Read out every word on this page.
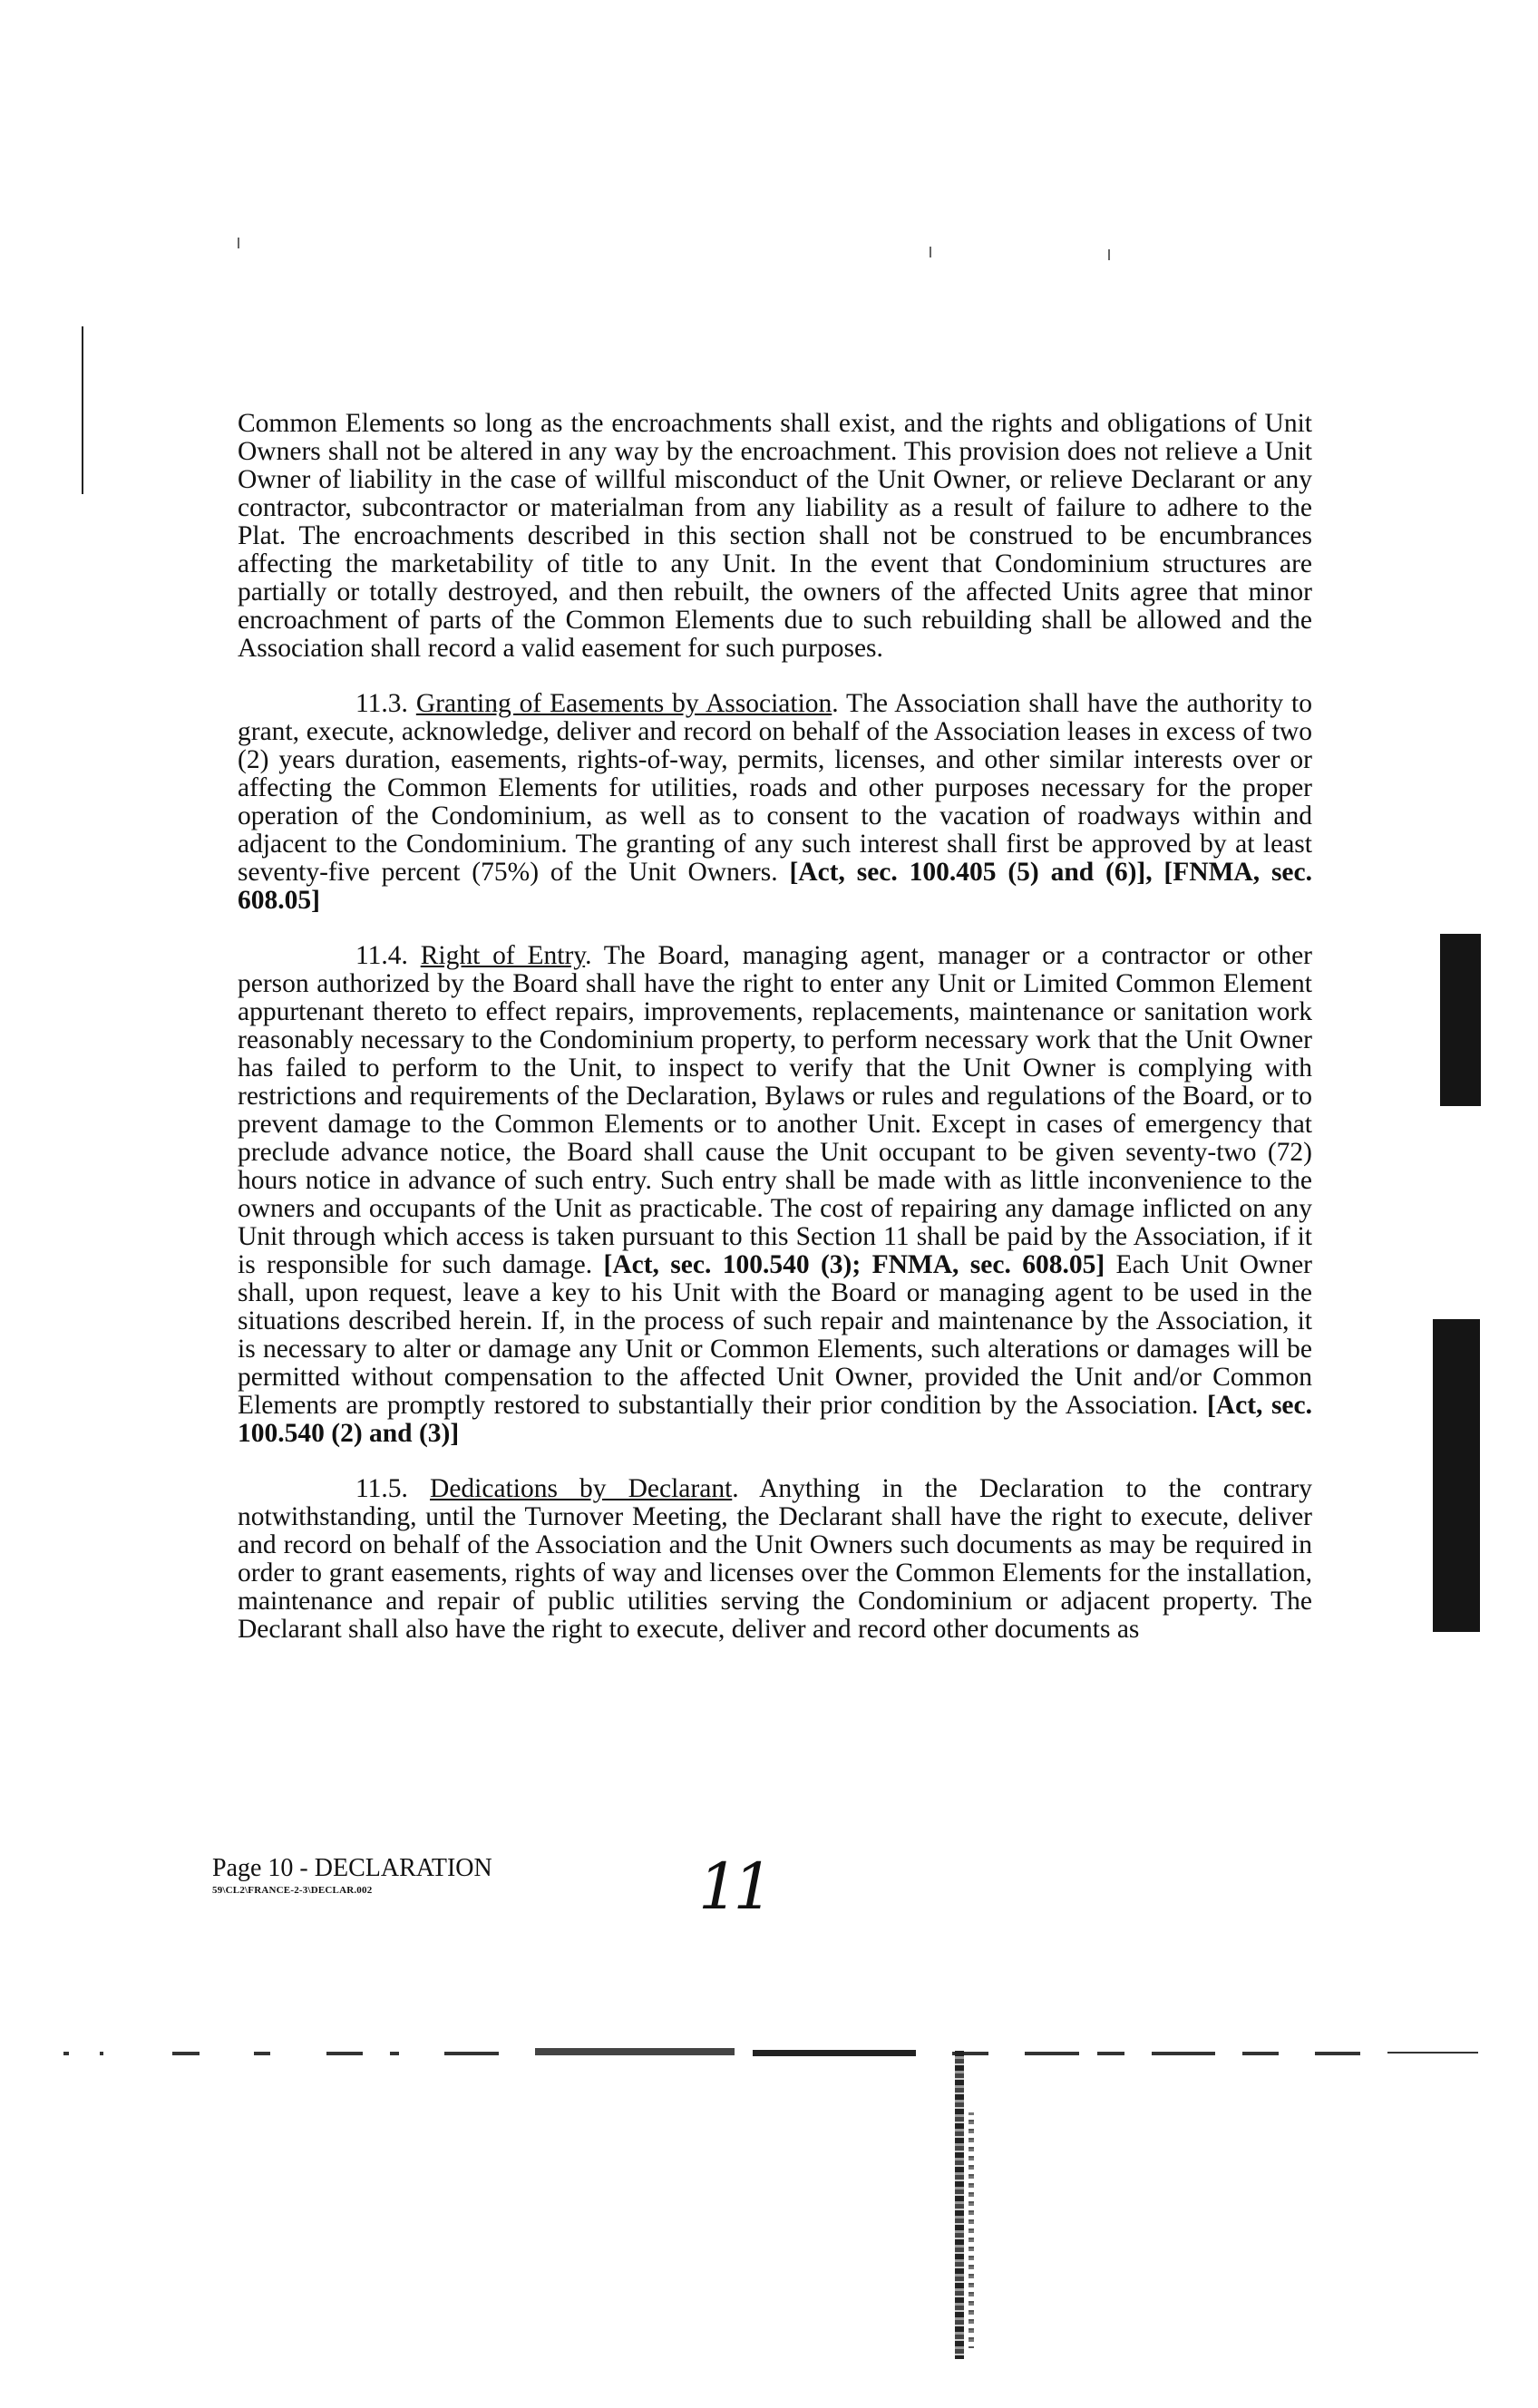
Common Elements so long as the encroachments shall exist, and the rights and obligations of Unit Owners shall not be altered in any way by the encroachment. This provision does not relieve a Unit Owner of liability in the case of willful misconduct of the Unit Owner, or relieve Declarant or any contractor, subcontractor or materialman from any liability as a result of failure to adhere to the Plat. The encroachments described in this section shall not be construed to be encumbrances affecting the marketability of title to any Unit. In the event that Condominium structures are partially or totally destroyed, and then rebuilt, the owners of the affected Units agree that minor encroachment of parts of the Common Elements due to such rebuilding shall be allowed and the Association shall record a valid easement for such purposes.

11.3. Granting of Easements by Association. The Association shall have the authority to grant, execute, acknowledge, deliver and record on behalf of the Association leases in excess of two (2) years duration, easements, rights-of-way, permits, licenses, and other similar interests over or affecting the Common Elements for utilities, roads and other purposes necessary for the proper operation of the Condominium, as well as to consent to the vacation of roadways within and adjacent to the Condominium. The granting of any such interest shall first be approved by at least seventy-five percent (75%) of the Unit Owners. [Act, sec. 100.405 (5) and (6)], [FNMA, sec. 608.05]

11.4. Right of Entry. The Board, managing agent, manager or a contractor or other person authorized by the Board shall have the right to enter any Unit or Limited Common Element appurtenant thereto to effect repairs, improvements, replacements, maintenance or sanitation work reasonably necessary to the Condominium property, to perform necessary work that the Unit Owner has failed to perform to the Unit, to inspect to verify that the Unit Owner is complying with restrictions and requirements of the Declaration, Bylaws or rules and regulations of the Board, or to prevent damage to the Common Elements or to another Unit. Except in cases of emergency that preclude advance notice, the Board shall cause the Unit occupant to be given seventy-two (72) hours notice in advance of such entry. Such entry shall be made with as little inconvenience to the owners and occupants of the Unit as practicable. The cost of repairing any damage inflicted on any Unit through which access is taken pursuant to this Section 11 shall be paid by the Association, if it is responsible for such damage. [Act, sec. 100.540 (3); FNMA, sec. 608.05] Each Unit Owner shall, upon request, leave a key to his Unit with the Board or managing agent to be used in the situations described herein. If, in the process of such repair and maintenance by the Association, it is necessary to alter or damage any Unit or Common Elements, such alterations or damages will be permitted without compensation to the affected Unit Owner, provided the Unit and/or Common Elements are promptly restored to substantially their prior condition by the Association. [Act, sec. 100.540 (2) and (3)]

11.5. Dedications by Declarant. Anything in the Declaration to the contrary notwithstanding, until the Turnover Meeting, the Declarant shall have the right to execute, deliver and record on behalf of the Association and the Unit Owners such documents as may be required in order to grant easements, rights of way and licenses over the Common Elements for the installation, maintenance and repair of public utilities serving the Condominium or adjacent property. The Declarant shall also have the right to execute, deliver and record other documents as

Page 10 - DECLARATION
59\CL2\FRANCE-2-3\DECLAR.002	11
